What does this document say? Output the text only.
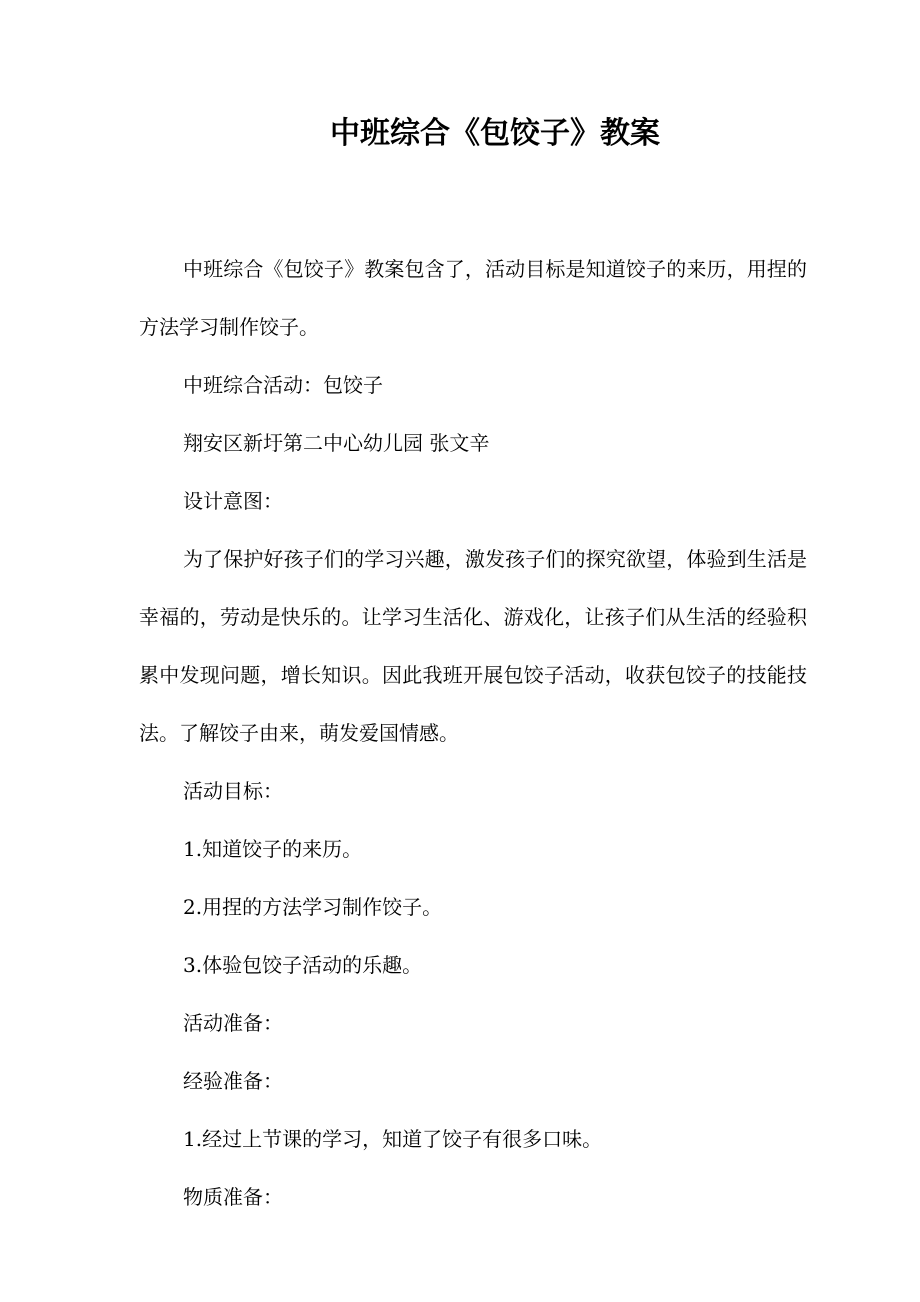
中班综合《包饺子》教案

中班综合《包饺子》教案包含了，活动目标是知道饺子的来历，用捏的方法学习制作饺子。

中班综合活动：包饺子

翔安区新圩第二中心幼儿园 张文辛

设计意图：

为了保护好孩子们的学习兴趣，激发孩子们的探究欲望，体验到生活是幸福的，劳动是快乐的。让学习生活化、游戏化，让孩子们从生活的经验积累中发现问题，增长知识。因此我班开展包饺子活动，收获包饺子的技能技法。了解饺子由来，萌发爱国情感。

活动目标：

1.知道饺子的来历。

2.用捏的方法学习制作饺子。

3.体验包饺子活动的乐趣。

活动准备：

经验准备：

1.经过上节课的学习，知道了饺子有很多口味。

物质准备：
